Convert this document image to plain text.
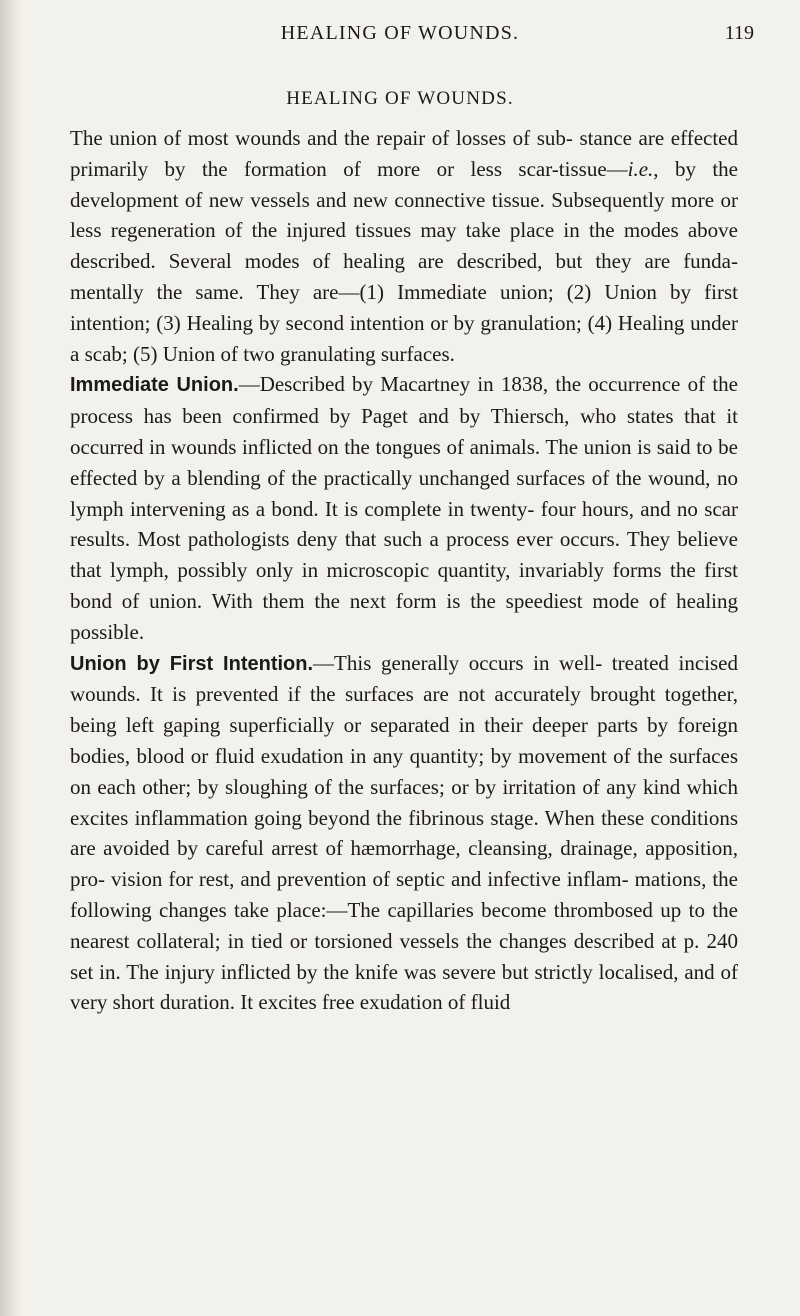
HEALING OF WOUNDS.	119
HEALING OF WOUNDS.

The union of most wounds and the repair of losses of sub- stance are effected primarily by the formation of more or less scar-tissue—i.e., by the development of new vessels and new connective tissue. Subsequently more or less regeneration of the injured tissues may take place in the modes above described. Several modes of healing are described, but they are funda- mentally the same. They are—(1) Immediate union; (2) Union by first intention; (3) Healing by second intention or by granulation; (4) Healing under a scab; (5) Union of two granulating surfaces.

Immediate Union.—Described by Macartney in 1838, the occurrence of the process has been confirmed by Paget and by Thiersch, who states that it occurred in wounds inflicted on the tongues of animals. The union is said to be effected by a blending of the practically unchanged surfaces of the wound, no lymph intervening as a bond. It is complete in twenty- four hours, and no scar results. Most pathologists deny that such a process ever occurs. They believe that lymph, possibly only in microscopic quantity, invariably forms the first bond of union. With them the next form is the speediest mode of healing possible.

Union by First Intention.—This generally occurs in well- treated incised wounds. It is prevented if the surfaces are not accurately brought together, being left gaping superficially or separated in their deeper parts by foreign bodies, blood or fluid exudation in any quantity; by movement of the surfaces on each other; by sloughing of the surfaces; or by irritation of any kind which excites inflammation going beyond the fibrinous stage. When these conditions are avoided by careful arrest of hæmorrhage, cleansing, drainage, apposition, pro- vision for rest, and prevention of septic and infective inflam- mations, the following changes take place:—The capillaries become thrombosed up to the nearest collateral; in tied or torsioned vessels the changes described at p. 240 set in. The injury inflicted by the knife was severe but strictly localised, and of very short duration. It excites free exudation of fluid
